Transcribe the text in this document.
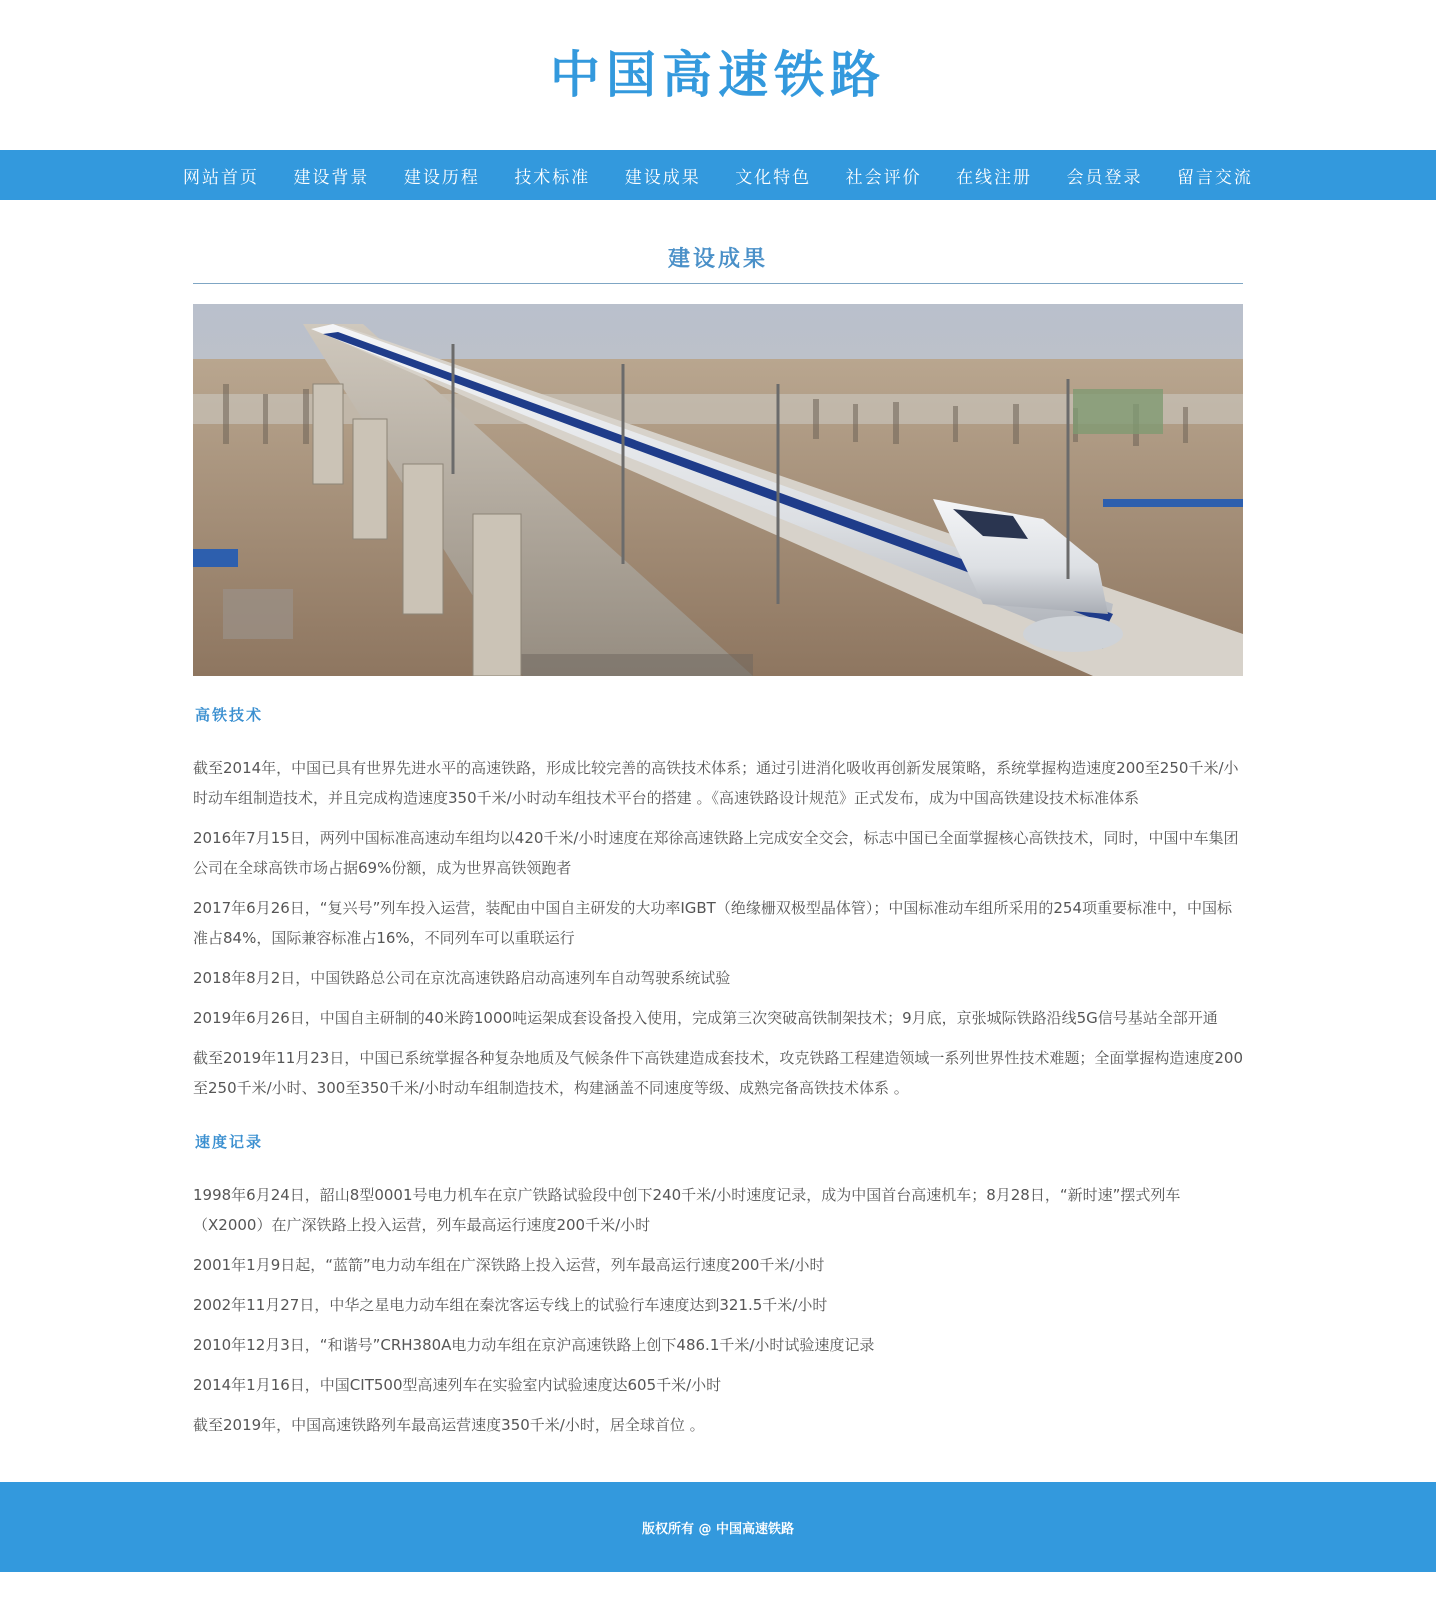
中国高速铁路
网站首页 建设背景 建设历程 技术标准 建设成果 文化特色 社会评价 在线注册 会员登录 留言交流
建设成果
高铁技术

截至2014年，中国已具有世界先进水平的高速铁路，形成比较完善的高铁技术体系；通过引进消化吸收再创新发展策略，系统掌握构造速度200至250千米/小时动车组制造技术，并且完成构造速度350千米/小时动车组技术平台的搭建 。《高速铁路设计规范》正式发布，成为中国高铁建设技术标准体系

2016年7月15日，两列中国标准高速动车组均以420千米/小时速度在郑徐高速铁路上完成安全交会，标志中国已全面掌握核心高铁技术，同时，中国中车集团公司在全球高铁市场占据69%份额，成为世界高铁领跑者

2017年6月26日，“复兴号”列车投入运营，装配由中国自主研发的大功率IGBT（绝缘栅双极型晶体管）；中国标准动车组所采用的254项重要标准中，中国标准占84%，国际兼容标准占16%，不同列车可以重联运行

2018年8月2日，中国铁路总公司在京沈高速铁路启动高速列车自动驾驶系统试验

2019年6月26日，中国自主研制的40米跨1000吨运架成套设备投入使用，完成第三次突破高铁制架技术；9月底，京张城际铁路沿线5G信号基站全部开通

截至2019年11月23日，中国已系统掌握各种复杂地质及气候条件下高铁建造成套技术，攻克铁路工程建造领域一系列世界性技术难题；全面掌握构造速度200至250千米/小时、300至350千米/小时动车组制造技术，构建涵盖不同速度等级、成熟完备高铁技术体系 。

速度记录

1998年6月24日，韶山8型0001号电力机车在京广铁路试验段中创下240千米/小时速度记录，成为中国首台高速机车；8月28日，“新时速”摆式列车（X2000）在广深铁路上投入运营，列车最高运行速度200千米/小时

2001年1月9日起，“蓝箭”电力动车组在广深铁路上投入运营，列车最高运行速度200千米/小时

2002年11月27日，中华之星电力动车组在秦沈客运专线上的试验行车速度达到321.5千米/小时

2010年12月3日，“和谐号”CRH380A电力动车组在京沪高速铁路上创下486.1千米/小时试验速度记录

2014年1月16日，中国CIT500型高速列车在实验室内试验速度达605千米/小时

截至2019年，中国高速铁路列车最高运营速度350千米/小时，居全球首位 。

版权所有 @ 中国高速铁路
